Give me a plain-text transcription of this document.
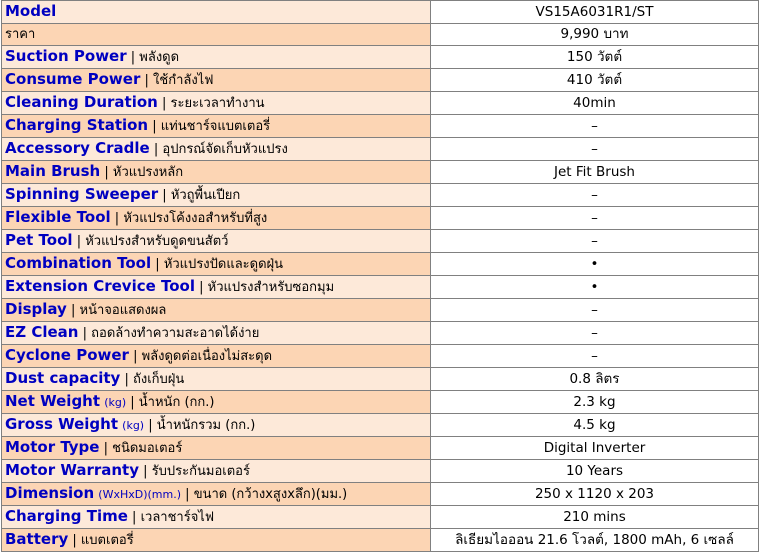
Model	VS15A6031R1/ST
ราคา	9,990 บาท
Suction Power | พลังดูด	150 วัตต์
Consume Power | ใช้กำลังไฟ	410 วัตต์
Cleaning Duration | ระยะเวลาทำงาน	40min
Charging Station | แท่นชาร์จแบตเตอรี่	–
Accessory Cradle | อุปกรณ์จัดเก็บหัวแปรง	–
Main Brush | หัวแปรงหลัก	Jet Fit Brush
Spinning Sweeper | หัวถูพื้นเปียก	–
Flexible Tool | หัวแปรงโค้งงอสำหรับที่สูง	–
Pet Tool | หัวแปรงสำหรับดูดขนสัตว์	–
Combination Tool | หัวแปรงปัดและดูดฝุ่น	•
Extension Crevice Tool | หัวแปรงสำหรับซอกมุม	•
Display | หน้าจอแสดงผล	–
EZ Clean | ถอดล้างทำความสะอาดได้ง่าย	–
Cyclone Power | พลังดูดต่อเนื่องไม่สะดุด	–
Dust capacity | ถังเก็บฝุ่น	0.8 ลิตร
Net Weight (kg) | น้ำหนัก (กก.)	2.3 kg
Gross Weight (kg) | น้ำหนักรวม (กก.)	4.5 kg
Motor Type | ชนิดมอเตอร์	Digital Inverter
Motor Warranty | รับประกันมอเตอร์	10 Years
Dimension (WxHxD)(mm.) | ขนาด (กว้างxสูงxลึก)(มม.)	250 x 1120 x 203
Charging Time | เวลาชาร์จไฟ	210 mins
Battery | แบตเตอรี่	ลิเธียมไอออน 21.6 โวลต์, 1800 mAh, 6 เซลล์
